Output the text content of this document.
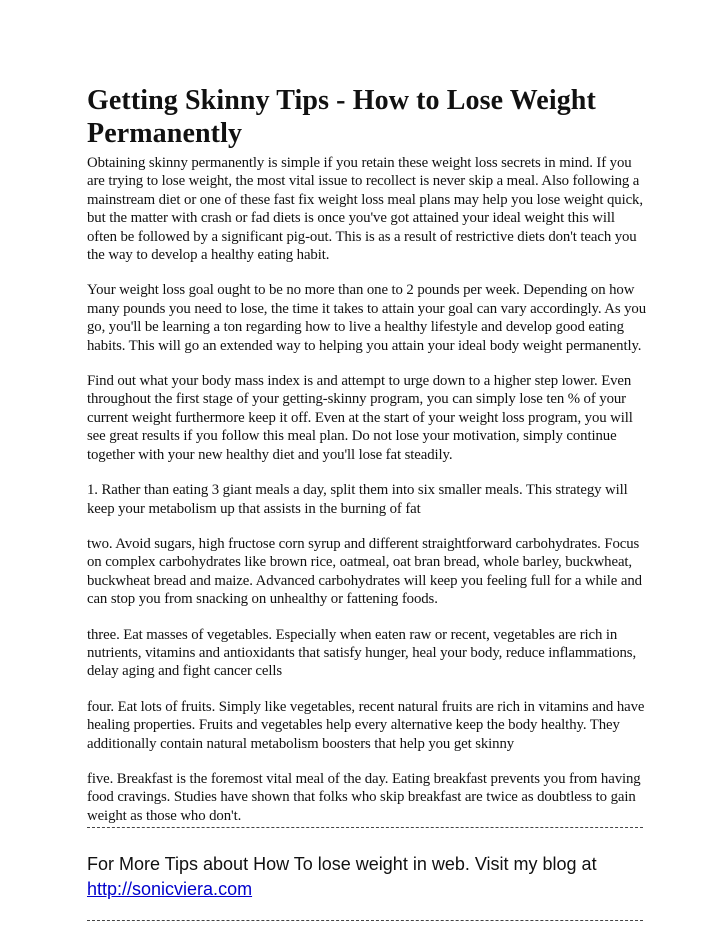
Getting Skinny Tips - How to Lose Weight Permanently

Obtaining skinny permanently is simple if you retain these weight loss secrets in mind. If you are trying to lose weight, the most vital issue to recollect is never skip a meal. Also following a mainstream diet or one of these fast fix weight loss meal plans may help you lose weight quick, but the matter with crash or fad diets is once you've got attained your ideal weight this will often be followed by a significant pig-out. This is as a result of restrictive diets don't teach you the way to develop a healthy eating habit.

Your weight loss goal ought to be no more than one to 2 pounds per week. Depending on how many pounds you need to lose, the time it takes to attain your goal can vary accordingly. As you go, you'll be learning a ton regarding how to live a healthy lifestyle and develop good eating habits. This will go an extended way to helping you attain your ideal body weight permanently.

Find out what your body mass index is and attempt to urge down to a higher step lower. Even throughout the first stage of your getting-skinny program, you can simply lose ten % of your current weight furthermore keep it off. Even at the start of your weight loss program, you will see great results if you follow this meal plan. Do not lose your motivation, simply continue together with your new healthy diet and you'll lose fat steadily.

1. Rather than eating 3 giant meals a day, split them into six smaller meals. This strategy will keep your metabolism up that assists in the burning of fat

two. Avoid sugars, high fructose corn syrup and different straightforward carbohydrates. Focus on complex carbohydrates like brown rice, oatmeal, oat bran bread, whole barley, buckwheat, buckwheat bread and maize. Advanced carbohydrates will keep you feeling full for a while and can stop you from snacking on unhealthy or fattening foods.

three. Eat masses of vegetables. Especially when eaten raw or recent, vegetables are rich in nutrients, vitamins and antioxidants that satisfy hunger, heal your body, reduce inflammations, delay aging and fight cancer cells

four. Eat lots of fruits. Simply like vegetables, recent natural fruits are rich in vitamins and have healing properties. Fruits and vegetables help every alternative keep the body healthy. They additionally contain natural metabolism boosters that help you get skinny

five. Breakfast is the foremost vital meal of the day. Eating breakfast prevents you from having food cravings. Studies have shown that folks who skip breakfast are twice as doubtless to gain weight as those who don't.

For More Tips about How To lose weight in web. Visit my blog at
http://sonicviera.com
